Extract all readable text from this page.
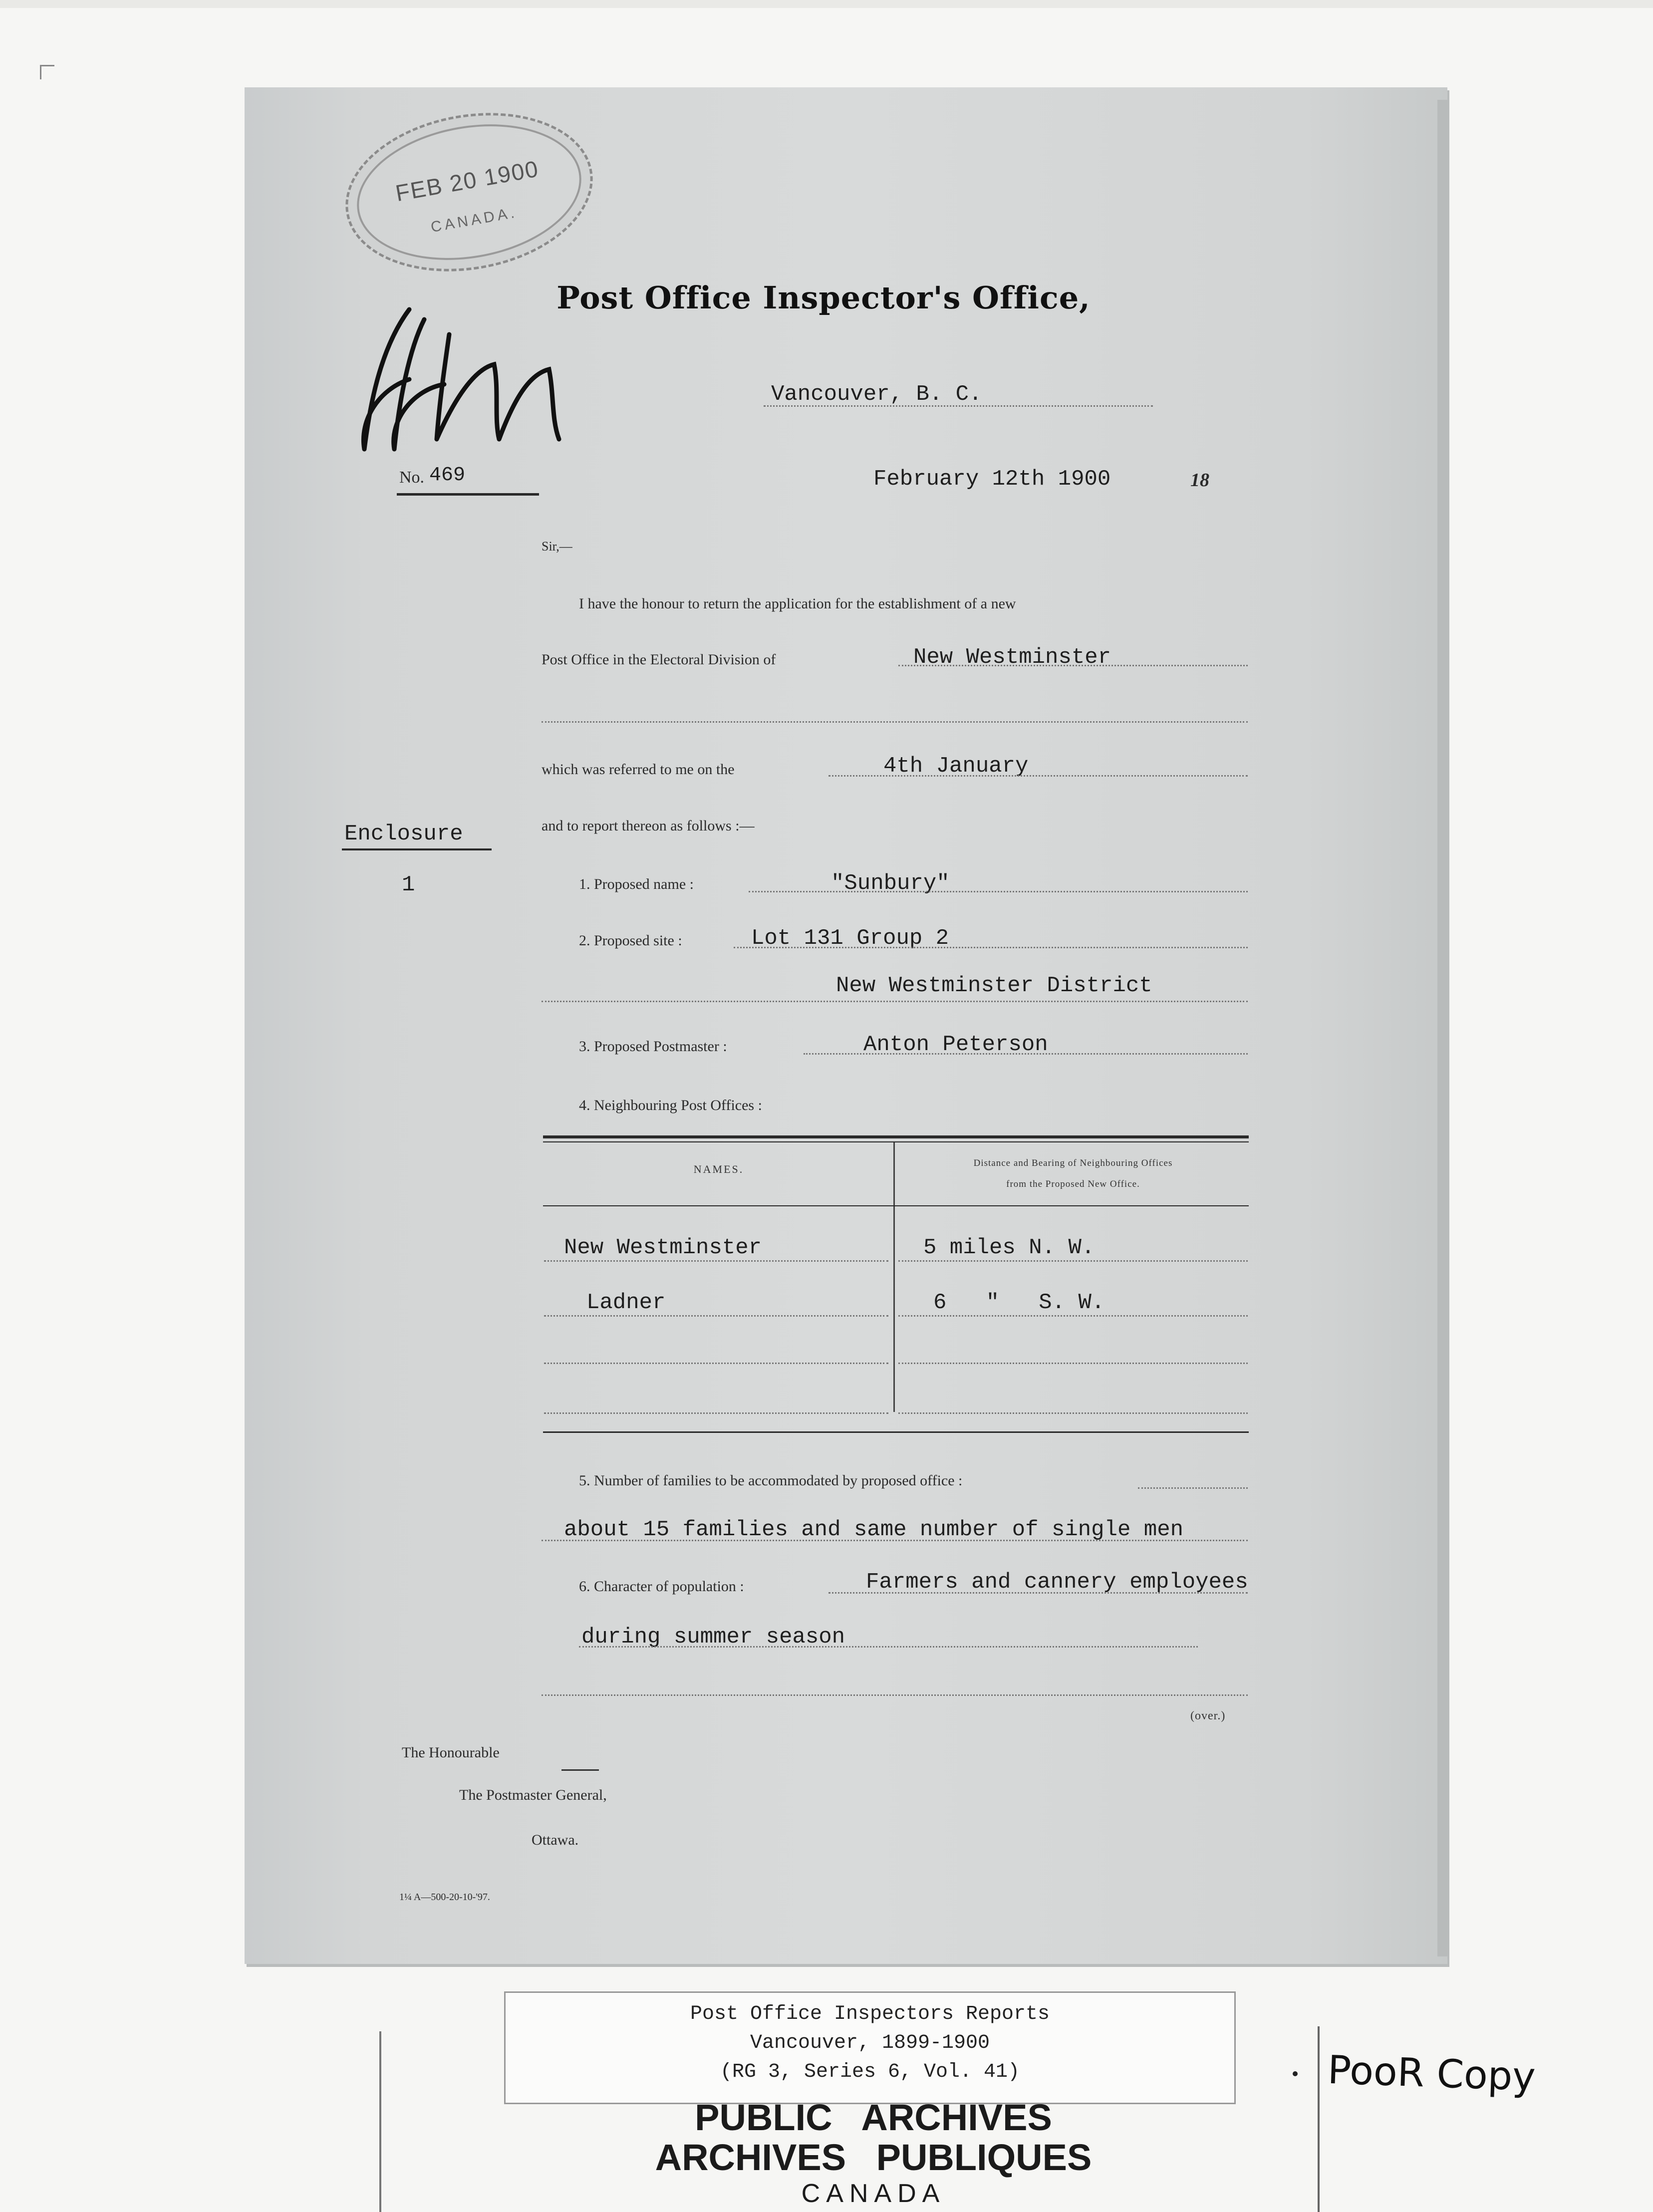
FEB 20 1900
CANADA.
Post Office Inspector's Office,
Vancouver, B. C.
No. 469	February 12th 1900	18
Sir,—
I have the honour to return the application for the establishment of a new
Post Office in the Electoral Division of	New Westminster
which was referred to me on the	4th January
and to report thereon as follows :—
Enclosure
1	1. Proposed name :	"Sunbury"
2. Proposed site :	Lot 131 Group 2
New Westminster District
3. Proposed Postmaster :	Anton Peterson
4. Neighbouring Post Offices :
NAMES.	Distance and Bearing of Neighbouring Offices
from the Proposed New Office.
New Westminster	5 miles N. W.
Ladner	6   "   S. W.
5. Number of families to be accommodated by proposed office :
about 15 families and same number of single men
6. Character of population :	Farmers and cannery employees
during summer season
(over.)
The Honourable
The Postmaster General,
Ottawa.
1¼ A—500-20-10-'97.
Post Office Inspectors Reports
Vancouver, 1899-1900
(RG 3, Series 6, Vol. 41)	PooR Copy
PUBLIC ARCHIVES
ARCHIVES PUBLIQUES
CANADA
